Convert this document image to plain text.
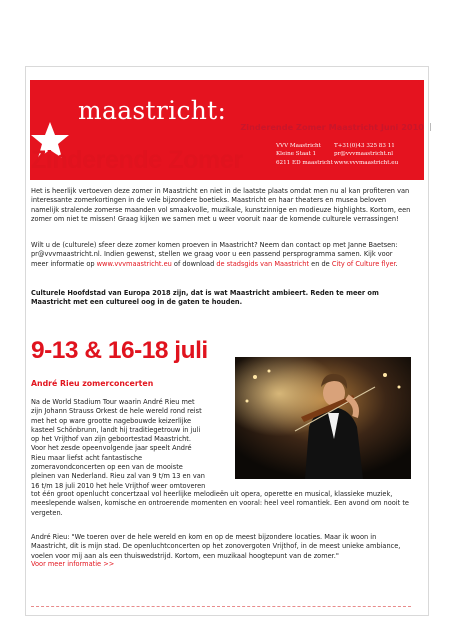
maastricht:

VVV Maastricht
Kleine Staat 1
6211 ED maastricht
T+31(0)43 325 83 11
pr@vvvmaastricht.nl
www.vvvmaastricht.eu
Zinderende Zomer Maastricht Juni 2010 |
Zinderende Zomer

Het is heerlijk vertoeven deze zomer in Maastricht en niet in de laatste plaats omdat men nu al kan profiteren van interessante zomerkortingen in de vele bijzondere boetieks. Maastricht en haar theaters en musea beloven namelijk stralende zomerse maanden vol smaakvolle, muzikale, kunstzinnige en modieuze highlights. Kortom, een zomer om niet te missen! Graag kijken we samen met u weer vooruit naar de komende culturele verrassingen!

Wilt u de (culturele) sfeer deze zomer komen proeven in Maastricht? Neem dan contact op met Janne Baetsen: pr@vvvmaastricht.nl. Indien gewenst, stellen we graag voor u een passend persprogramma samen. Kijk voor meer informatie op www.vvvmaastricht.eu of download de stadsgids van Maastricht en de City of Culture flyer.

Culturele Hoofdstad van Europa 2018 zijn, dat is wat Maastricht ambieert. Reden te meer om Maastricht met een cultureel oog in de gaten te houden.

9-13 & 16-18 juli
André Rieu zomerconcerten
Na de World Stadium Tour waarin André Rieu met
zijn Johann Strauss Orkest de hele wereld rond reist
met het op ware grootte nagebouwde keizerlijke
kasteel Schönbrunn, landt hij traditiegetrouw in juli
op het Vrijthof van zijn geboortestad Maastricht.
Voor het zesde opeenvolgende jaar speelt André
Rieu maar liefst acht fantastische
zomeravondconcerten op een van de mooiste
pleinen van Nederland. Rieu zal van 9 t/m 13 en van
16 t/m 18 juli 2010 het hele Vrijthof weer omtoveren

tot één groot openlucht concertzaal vol heerlijke melodieën uit opera, operette en musical, klassieke muziek, meeslepende walsen, komische en ontroerende momenten en vooral: heel veel romantiek. Een avond om nooit te vergeten.

André Rieu: "We toeren over de hele wereld en kom en op de meest bijzondere locaties. Maar ik woon in Maastricht, dit is mijn stad. De openluchtconcerten op het zonovergoten Vrijthof, in de meest unieke ambiance, voelen voor mij aan als een thuiswedstrijd. Kortom, een muzikaal hoogtepunt van de zomer."

Voor meer informatie >>
